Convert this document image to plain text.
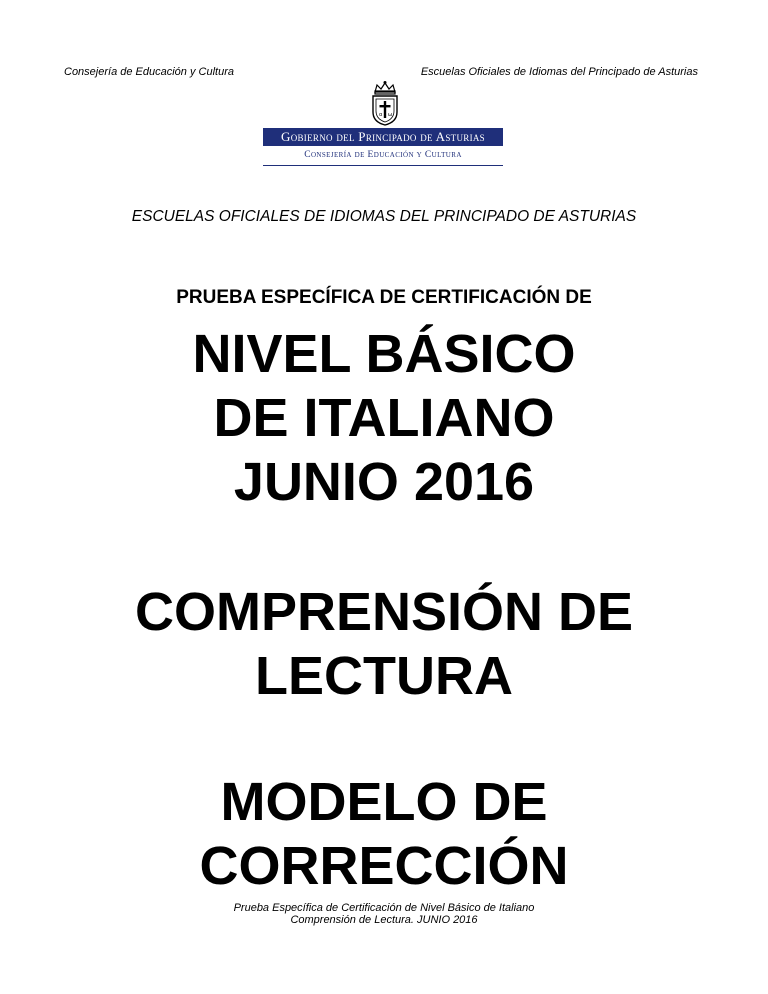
Consejería de Educación y Cultura	Escuelas Oficiales de Idiomas del Principado de Asturias
α ω
Gobierno del Principado de Asturias
Consejería de Educación y Cultura
ESCUELAS OFICIALES DE IDIOMAS DEL PRINCIPADO DE ASTURIAS
PRUEBA ESPECÍFICA DE CERTIFICACIÓN DE
NIVEL BÁSICO
DE ITALIANO
JUNIO 2016
COMPRENSIÓN DE
LECTURA
MODELO DE
CORRECCIÓN
Prueba Específica de Certificación de Nivel Básico de Italiano
Comprensión de Lectura. JUNIO 2016
